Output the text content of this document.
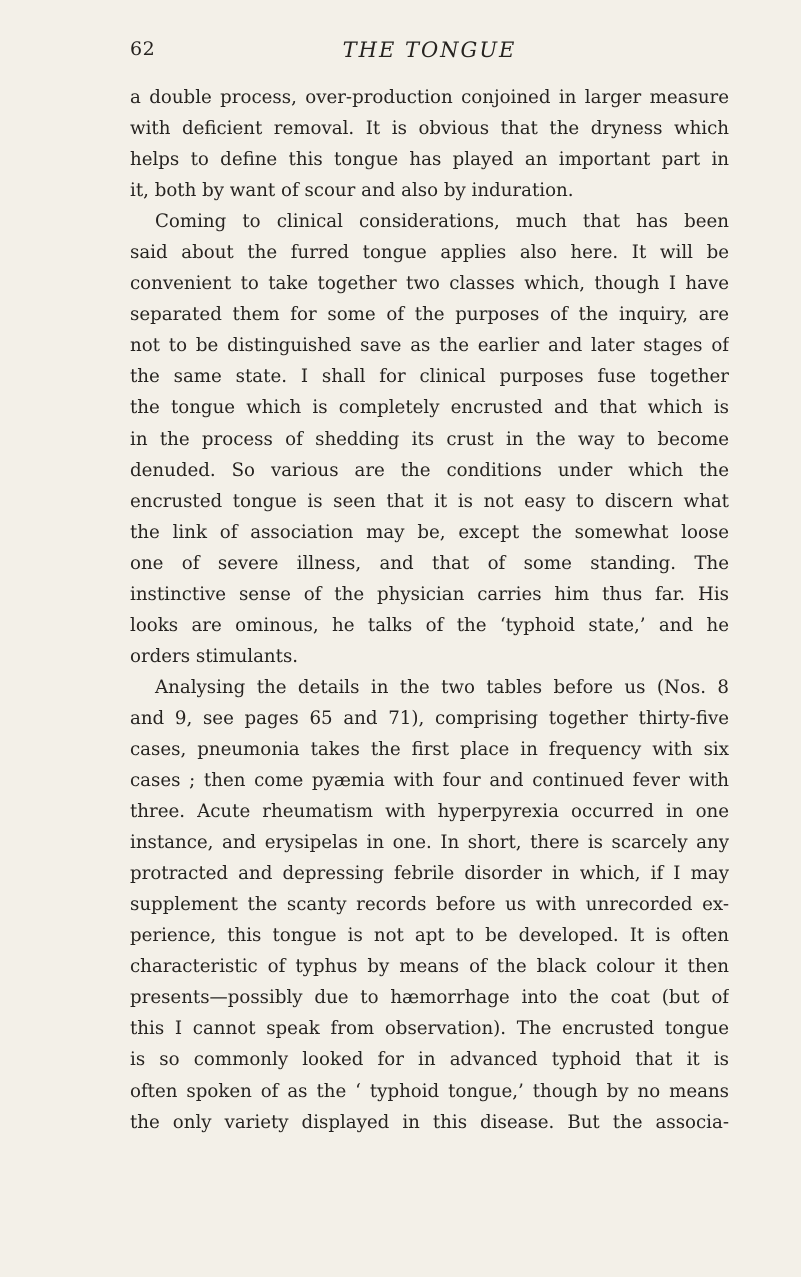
62	THE TONGUE
a double process, over-production conjoined in larger measure
with deficient removal. It is obvious that the dryness which
helps to define this tongue has played an important part in
it, both by want of scour and also by induration.
Coming to clinical considerations, much that has been
said about the furred tongue applies also here. It will be
convenient to take together two classes which, though I have
separated them for some of the purposes of the inquiry, are
not to be distinguished save as the earlier and later stages of
the same state. I shall for clinical purposes fuse together
the tongue which is completely encrusted and that which is
in the process of shedding its crust in the way to become
denuded. So various are the conditions under which the
encrusted tongue is seen that it is not easy to discern what
the link of association may be, except the somewhat loose
one of severe illness, and that of some standing. The
instinctive sense of the physician carries him thus far. His
looks are ominous, he talks of the ‘typhoid state,’ and he
orders stimulants.
Analysing the details in the two tables before us (Nos. 8
and 9, see pages 65 and 71), comprising together thirty-five
cases, pneumonia takes the first place in frequency with six
cases ; then come pyæmia with four and continued fever with
three. Acute rheumatism with hyperpyrexia occurred in one
instance, and erysipelas in one. In short, there is scarcely any
protracted and depressing febrile disorder in which, if I may
supplement the scanty records before us with unrecorded ex-
perience, this tongue is not apt to be developed. It is often
characteristic of typhus by means of the black colour it then
presents—possibly due to hæmorrhage into the coat (but of
this I cannot speak from observation). The encrusted tongue
is so commonly looked for in advanced typhoid that it is
often spoken of as the ‘ typhoid tongue,’ though by no means
the only variety displayed in this disease. But the associa-
